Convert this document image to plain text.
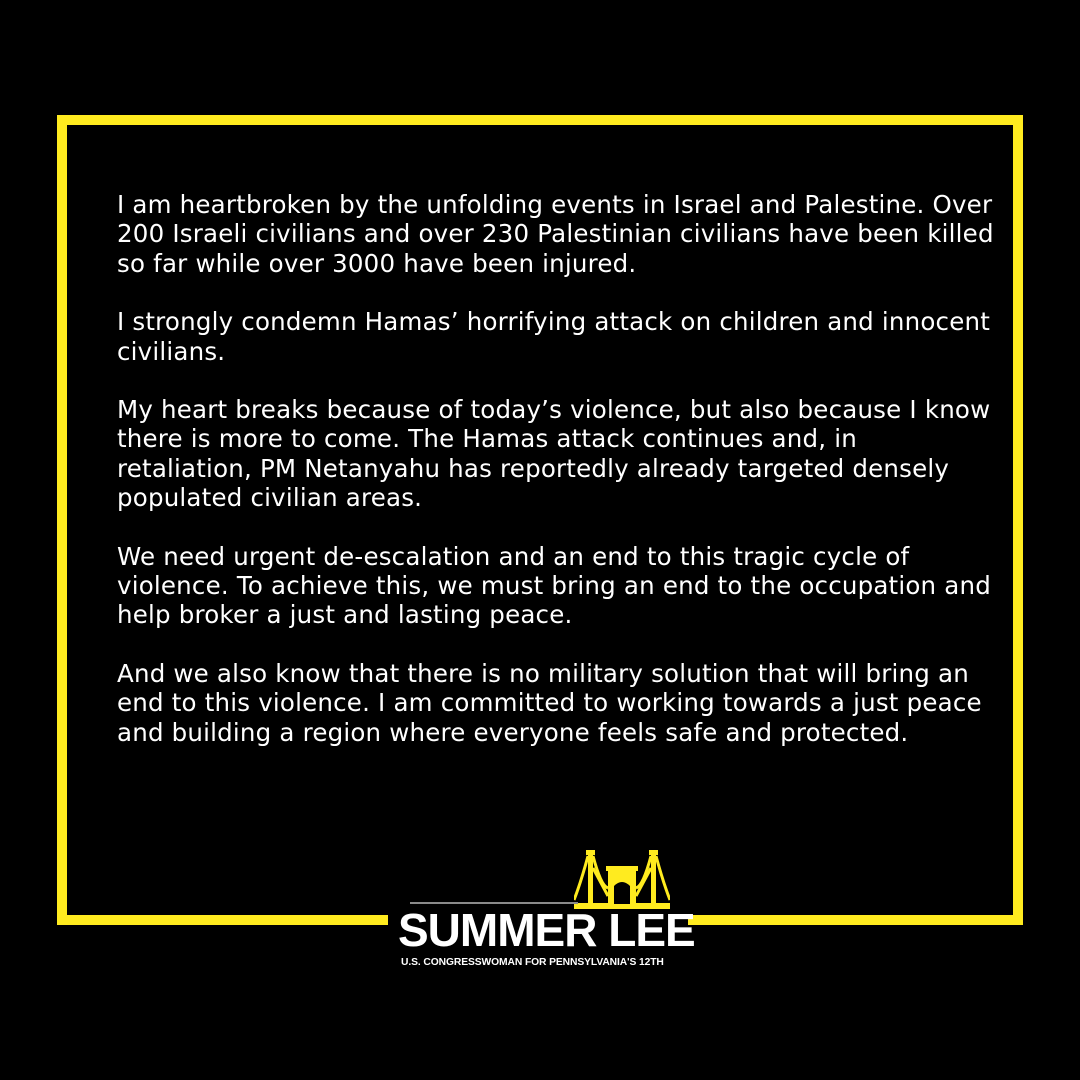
I am heartbroken by the unfolding events in Israel and Palestine. Over 200 Israeli civilians and over 230 Palestinian civilians have been killed so far while over 3000 have been injured.

I strongly condemn Hamas’ horrifying attack on children and innocent civilians.

My heart breaks because of today’s violence, but also because I know there is more to come. The Hamas attack continues and, in retaliation, PM Netanyahu has reportedly already targeted densely populated civilian areas.

We need urgent de-escalation and an end to this tragic cycle of violence. To achieve this, we must bring an end to the occupation and help broker a just and lasting peace.

And we also know that there is no military solution that will bring an end to this violence. I am committed to working towards a just peace and building a region where everyone feels safe and protected.

SUMMER LEE
U.S. CONGRESSWOMAN FOR PENNSYLVANIA'S 12TH
